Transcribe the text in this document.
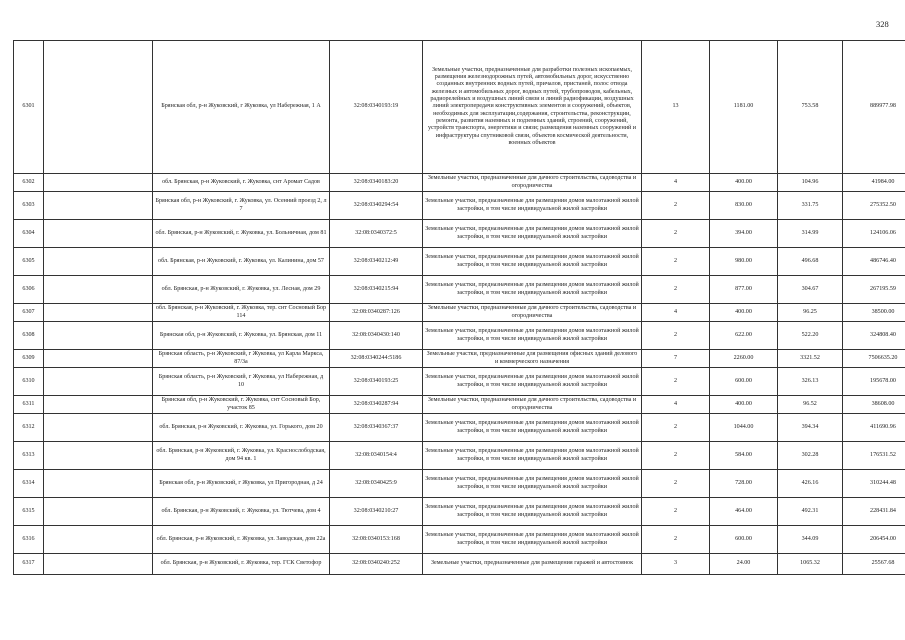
328
6301		Брянская обл, р-н Жуковский, г Жуковка, ул Набережная, 1 А	32:08:0340193:19	Земельные участки, предназначенные для разработки полезных ископаемых, размещения железнодорожных путей, автомобильных дорог, искусственно созданных внутренних водных путей, причалов, пристаней, полос отвода железных и автомобильных дорог, водных путей, трубопроводов, кабельных, радиорелейных и воздушных линий связи и линий радиофикации, воздушных линий электропередачи конструктивных элементов и сооружений, объектов, необходимых для эксплуатации,содержания, строительства, реконструкции, ремонта, развития наземных и подземных зданий, строений, сооружений, устройств транспорта, энергетики и связи; размещения наземных сооружений и инфраструктуры спутниковой связи, объектов космической деятельности, военных объектов	13	1181.00	753.58	889977.98
6302		обл. Брянская, р-н Жуковский, г. Жуковка, снт Аромат Садов	32:08:0340183:20	Земельные участки, предназначенные для дачного строительства, садоводства и огородничества	4	400.00	104.96	41984.00
6303		Брянская обл, р-н Жуковский, г. Жуковка, ул. Осенний проезд 2, л 7	32:08:0340294:54	Земельные участки, предназначенные для размещения домов малоэтажной жилой застройки, в том числе индивидуальной жилой застройки	2	830.00	331.75	275352.50
6304		обл. Брянская, р-н Жуковский, г. Жуковка, ул. Больничная, дом 81	32:08:0340372:5	Земельные участки, предназначенные для размещения домов малоэтажной жилой застройки, в том числе индивидуальной жилой застройки	2	394.00	314.99	124106.06
6305		обл. Брянская, р-н Жуковский, г. Жуковка, ул. Калинина, дом 57	32:08:0340212:49	Земельные участки, предназначенные для размещения домов малоэтажной жилой застройки, в том числе индивидуальной жилой застройки	2	980.00	496.68	486746.40
6306		обл. Брянская, р-н Жуковский, г. Жуковка, ул. Лесная, дом 29	32:08:0340215:94	Земельные участки, предназначенные для размещения домов малоэтажной жилой застройки, в том числе индивидуальной жилой застройки	2	877.00	304.67	267195.59
6307		обл. Брянская, р-н Жуковский, г. Жуковка, тер. снт Сосновый Бор 114	32:08:0340287:126	Земельные участки, предназначенные для дачного строительства, садоводства и огородничества	4	400.00	96.25	38500.00
6308		Брянская обл, р-н Жуковский, г. Жуковка, ул. Брянская, дом 11	32:08:0340430:140	Земельные участки, предназначенные для размещения домов малоэтажной жилой застройки, в том числе индивидуальной жилой застройки	2	622.00	522.20	324808.40
6309		Брянская область, р-н Жуковский, г Жуковка, ул Карла Маркса, 87/3а	32:08:0340244:5186	Земельные участки, предназначенные для размещения офисных зданий делового и коммерческого назначения	7	2260.00	3321.52	7506635.20
6310		Брянская область, р-н Жуковский, г Жуковка, ул Набережная, д 10	32:08:0340193:25	Земельные участки, предназначенные для размещения домов малоэтажной жилой застройки, в том числе индивидуальной жилой застройки	2	600.00	326.13	195678.00
6311		Брянская обл, р-н Жуковский, г. Жуковка, снт Сосновый Бор, участок 85	32:08:0340287:94	Земельные участки, предназначенные для дачного строительства, садоводства и огородничества	4	400.00	96.52	38608.00
6312		обл. Брянская, р-н Жуковский, г. Жуковка, ул. Горького, дом 20	32:08:0340367:37	Земельные участки, предназначенные для размещения домов малоэтажной жилой застройки, в том числе индивидуальной жилой застройки	2	1044.00	394.34	411690.96
6313		обл. Брянская, р-н Жуковский, г. Жуковка, ул. Краснослободская, дом 94 кв. 1	32:08:0340154:4	Земельные участки, предназначенные для размещения домов малоэтажной жилой застройки, в том числе индивидуальной жилой застройки	2	584.00	302.28	176531.52
6314		Брянская обл, р-н Жуковский, г Жуковка, ул Пригородная, д 24	32:08:0340425:9	Земельные участки, предназначенные для размещения домов малоэтажной жилой застройки, в том числе индивидуальной жилой застройки	2	728.00	426.16	310244.48
6315		обл. Брянская, р-н Жуковский, г. Жуковка, ул. Тютчева, дом 4	32:08:0340210:27	Земельные участки, предназначенные для размещения домов малоэтажной жилой застройки, в том числе индивидуальной жилой застройки	2	464.00	492.31	228431.84
6316		обл. Брянская, р-н Жуковский, г. Жуковка, ул. Заводская, дом 22а	32:08:0340153:168	Земельные участки, предназначенные для размещения домов малоэтажной жилой застройки, в том числе индивидуальной жилой застройки	2	600.00	344.09	206454.00
6317		обл. Брянская, р-н Жуковский, г. Жуковка, тер. ГСК Светофор	32:08:0340240:252	Земельные участки, предназначенные для размещения гаражей и автостоянок	3	24.00	1065.32	25567.68
